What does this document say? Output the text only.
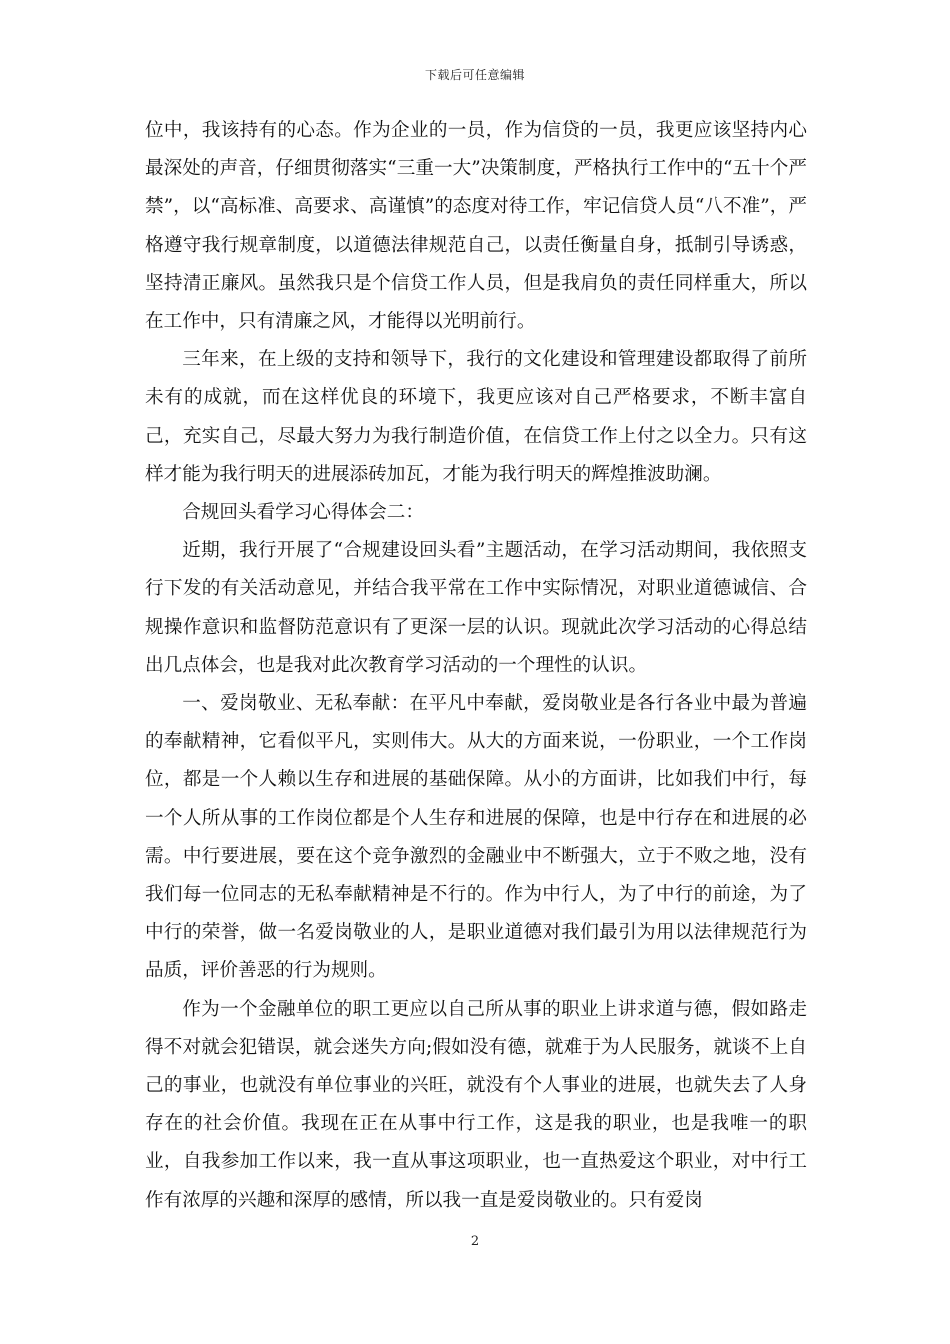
下载后可任意编辑

位中，我该持有的心态。作为企业的一员，作为信贷的一员，我更应该坚持内心最深处的声音，仔细贯彻落实“三重一大”决策制度，严格执行工作中的“五十个严禁”，以“高标准、高要求、高谨慎”的态度对待工作，牢记信贷人员“八不准”，严格遵守我行规章制度，以道德法律规范自己，以责任衡量自身，抵制引导诱惑，坚持清正廉风。虽然我只是个信贷工作人员，但是我肩负的责任同样重大，所以在工作中，只有清廉之风，才能得以光明前行。

三年来，在上级的支持和领导下，我行的文化建设和管理建设都取得了前所未有的成就，而在这样优良的环境下，我更应该对自己严格要求，不断丰富自己，充实自己，尽最大努力为我行制造价值，在信贷工作上付之以全力。只有这样才能为我行明天的进展添砖加瓦，才能为我行明天的辉煌推波助澜。

合规回头看学习心得体会二：

近期，我行开展了“合规建设回头看”主题活动，在学习活动期间，我依照支行下发的有关活动意见，并结合我平常在工作中实际情况，对职业道德诚信、合规操作意识和监督防范意识有了更深一层的认识。现就此次学习活动的心得总结出几点体会，也是我对此次教育学习活动的一个理性的认识。

一、爱岗敬业、无私奉献：在平凡中奉献，爱岗敬业是各行各业中最为普遍的奉献精神，它看似平凡，实则伟大。从大的方面来说，一份职业，一个工作岗位，都是一个人赖以生存和进展的基础保障。从小的方面讲，比如我们中行，每一个人所从事的工作岗位都是个人生存和进展的保障，也是中行存在和进展的必需。中行要进展，要在这个竞争激烈的金融业中不断强大，立于不败之地，没有我们每一位同志的无私奉献精神是不行的。作为中行人，为了中行的前途，为了中行的荣誉，做一名爱岗敬业的人，是职业道德对我们最引为用以法律规范行为品质，评价善恶的行为规则。

作为一个金融单位的职工更应以自己所从事的职业上讲求道与德，假如路走得不对就会犯错误，就会迷失方向;假如没有德，就难于为人民服务，就谈不上自己的事业，也就没有单位事业的兴旺，就没有个人事业的进展，也就失去了人身存在的社会价值。我现在正在从事中行工作，这是我的职业，也是我唯一的职业，自我参加工作以来，我一直从事这项职业，也一直热爱这个职业，对中行工作有浓厚的兴趣和深厚的感情，所以我一直是爱岗敬业的。只有爱岗

2
